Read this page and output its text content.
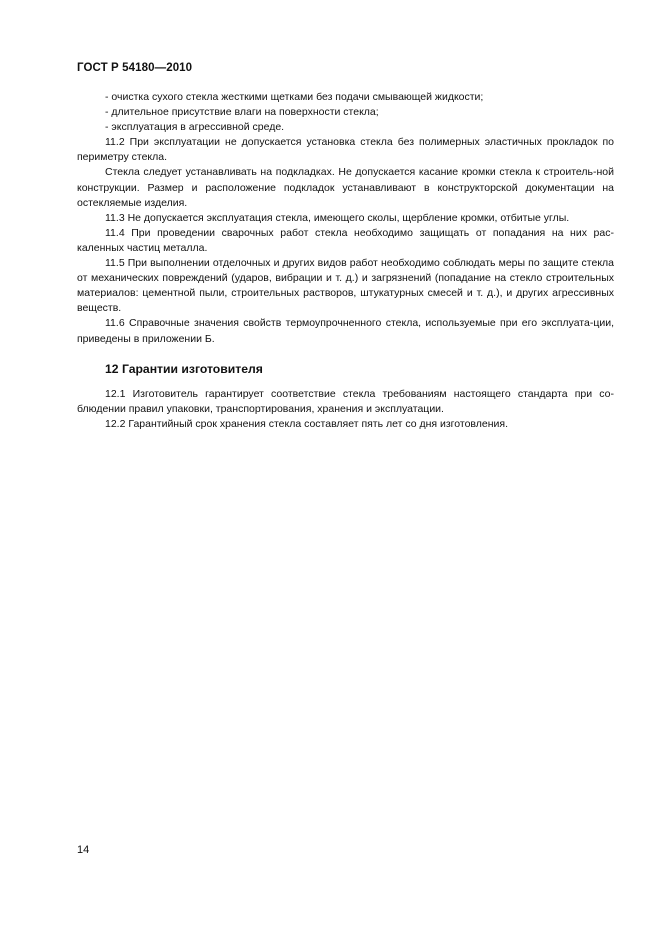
ГОСТ Р 54180—2010

- очистка сухого стекла жесткими щетками без подачи смывающей жидкости;

- длительное присутствие влаги на поверхности стекла;

- эксплуатация в агрессивной среде.

11.2 При эксплуатации не допускается установка стекла без полимерных эластичных прокладок по периметру стекла.

Стекла следует устанавливать на подкладках. Не допускается касание кромки стекла к строитель-ной конструкции. Размер и расположение подкладок устанавливают в конструкторской документации на остекляемые изделия.

11.3 Не допускается эксплуатация стекла, имеющего сколы, щербление кромки, отбитые углы.

11.4 При проведении сварочных работ стекла необходимо защищать от попадания на них рас-каленных частиц металла.

11.5 При выполнении отделочных и других видов работ необходимо соблюдать меры по защите стекла от механических повреждений (ударов, вибрации и т. д.) и загрязнений (попадание на стекло строительных материалов: цементной пыли, строительных растворов, штукатурных смесей и т. д.), и других агрессивных веществ.

11.6 Справочные значения свойств термоупрочненного стекла, используемые при его эксплуата-ции, приведены в приложении Б.

12 Гарантии изготовителя

12.1 Изготовитель гарантирует соответствие стекла требованиям настоящего стандарта при со-блюдении правил упаковки, транспортирования, хранения и эксплуатации.

12.2 Гарантийный срок хранения стекла составляет пять лет со дня изготовления.

14
